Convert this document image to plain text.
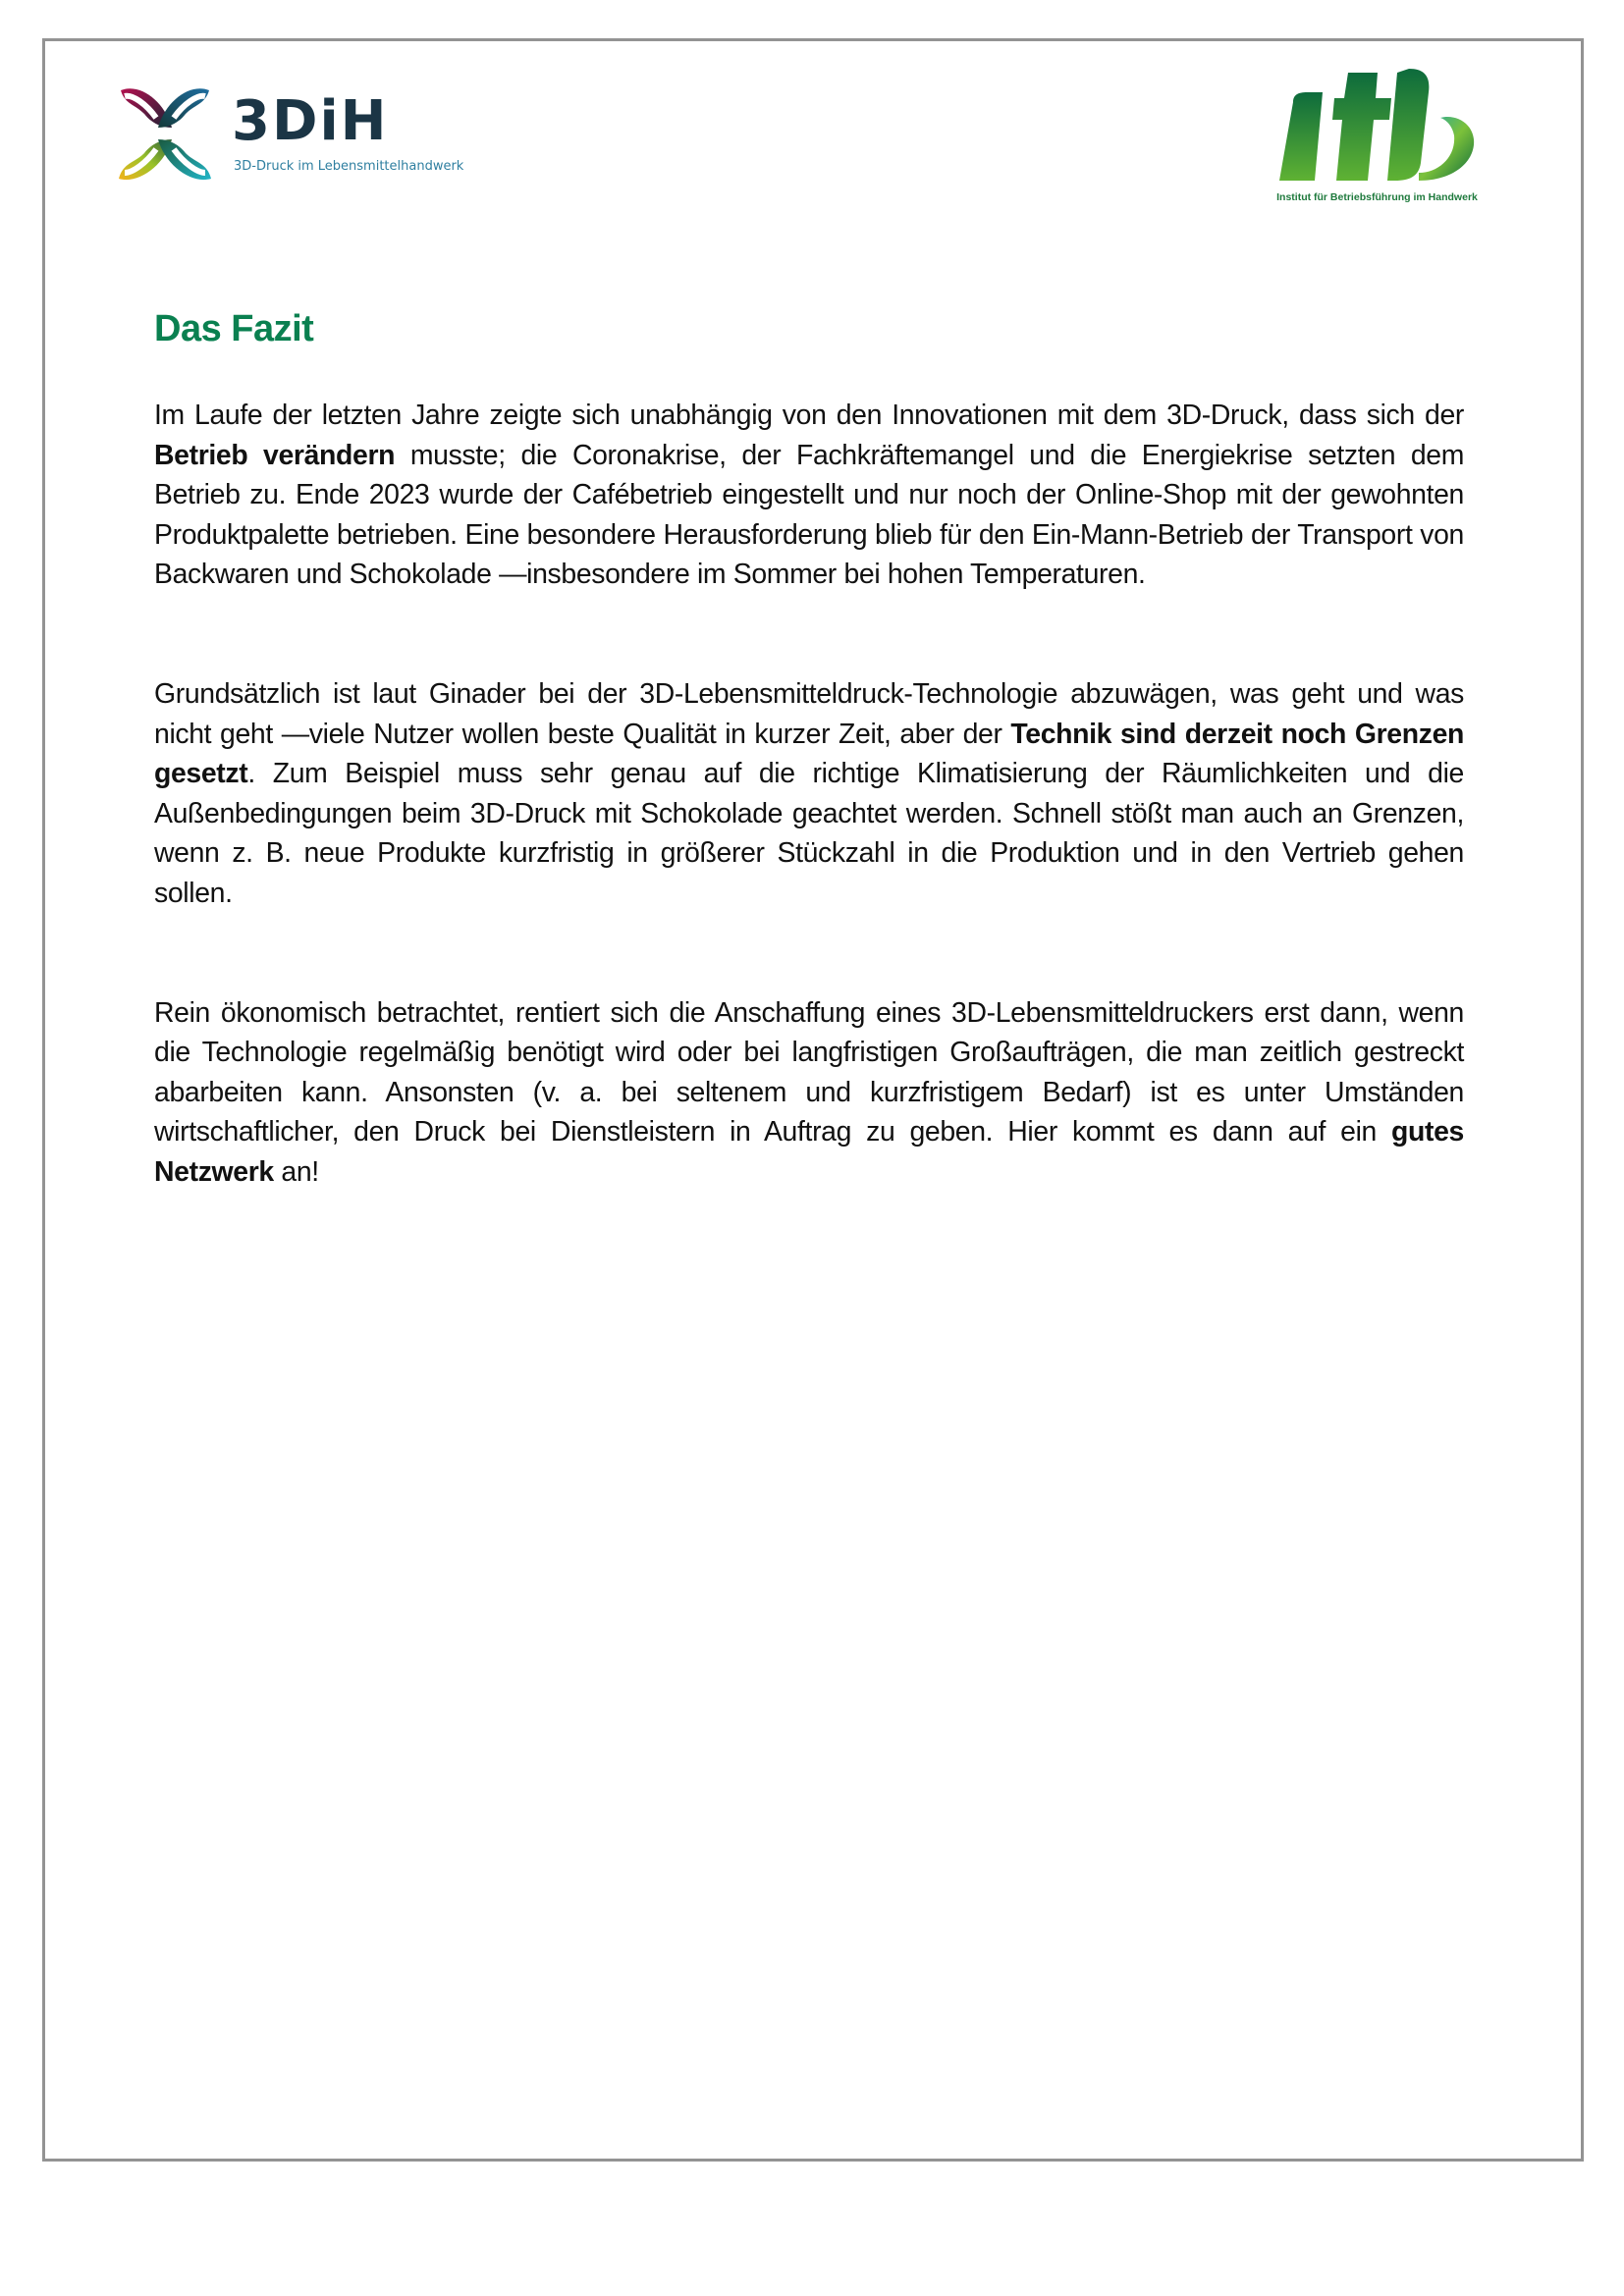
3DiH
3D-Druck im Lebensmittelhandwerk
Institut für Betriebsführung im Handwerk
Das Fazit

Im Laufe der letzten Jahre zeigte sich unabhängig von den Innovationen mit dem 3D-Druck, dass sich der Betrieb verändern musste; die Coronakrise, der Fachkräftemangel und die Energiekrise setzten dem Betrieb zu. Ende 2023 wurde der Cafébetrieb eingestellt und nur noch der Online-Shop mit der gewohnten Produktpalette betrieben. Eine besondere Herausforderung blieb für den Ein-Mann-Betrieb der Transport von Backwaren und Schokolade —insbesondere im Sommer bei hohen Temperaturen.

Grundsätzlich ist laut Ginader bei der 3D-Lebensmitteldruck-Technologie abzuwägen, was geht und was nicht geht —viele Nutzer wollen beste Qualität in kurzer Zeit, aber der Technik sind derzeit noch Grenzen gesetzt. Zum Beispiel muss sehr genau auf die richtige Klimatisierung der Räumlichkeiten und die Außenbedingungen beim 3D-Druck mit Schokolade geachtet werden. Schnell stößt man auch an Grenzen, wenn z. B. neue Produkte kurzfristig in größerer Stückzahl in die Produktion und in den Vertrieb gehen sollen.

Rein ökonomisch betrachtet, rentiert sich die Anschaffung eines 3D-Lebensmitteldruckers erst dann, wenn die Technologie regelmäßig benötigt wird oder bei langfristigen Großaufträgen, die man zeitlich gestreckt abarbeiten kann. Ansonsten (v. a. bei seltenem und kurzfristigem Bedarf) ist es unter Umständen wirtschaftlicher, den Druck bei Dienstleistern in Auftrag zu geben. Hier kommt es dann auf ein gutes Netzwerk an!
